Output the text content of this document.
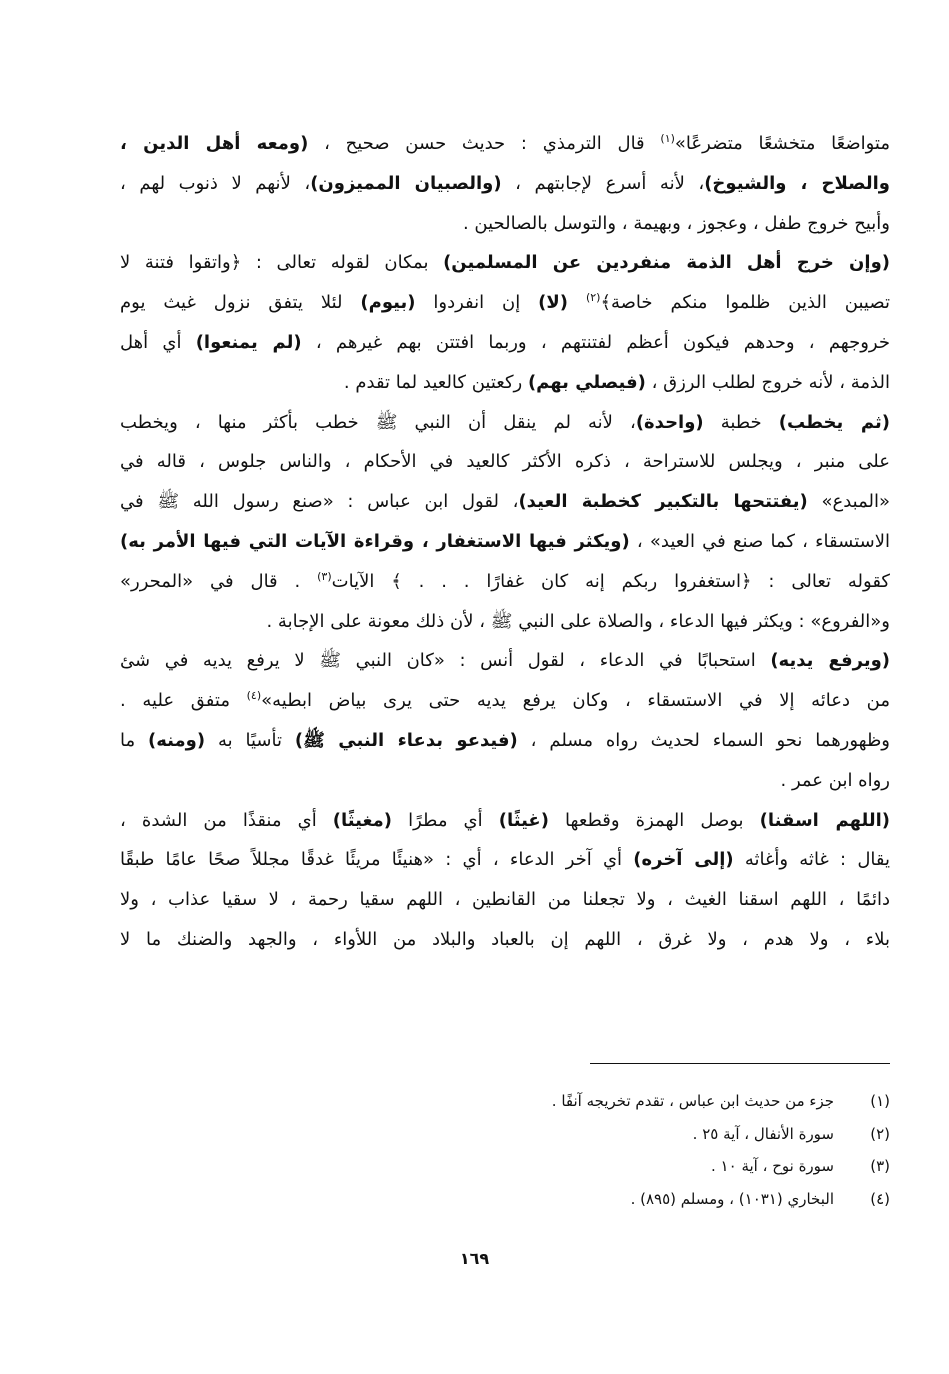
متواضعًا متخشعًا متضرعًا»$^{(١)}$ قال الترمذي : حديث حسن صحيح ، (ومعه أهل الدين ،
والصلاح ، والشيوخ)، لأنه أسرع لإجابتهم ، (والصبيان المميزون)، لأنهم لا ذنوب لهم ،
وأبيح خروج طفل ، وعجوز ، وبهيمة ، والتوسل بالصالحين .
(وإن خرج أهل الذمة منفردين عن المسلمين) بمكان لقوله تعالى : ﴿واتقوا فتنة لا
تصيبن الذين ظلموا منكم خاصة﴾$^{(٢)}$ (لا) إن انفردوا (بيوم) لئلا يتفق نزول غيث يوم
خروجهم ، وحدهم فيكون أعظم لفتنتهم ، وربما افتتن بهم غيرهم ، (لم يمنعوا) أي أهل
الذمة ، لأنه خروج لطلب الرزق ، (فيصلي بهم) ركعتين كالعيد لما تقدم .
(ثم يخطب) خطبة (واحدة)، لأنه لم ينقل أن النبي ﷺ خطب بأكثر منها ، ويخطب
على منبر ، ويجلس للاستراحة ، ذكره الأكثر كالعيد في الأحكام ، والناس جلوس ، قاله في
«المبدع» (يفتتحها بالتكبير كخطبة العيد)، لقول ابن عباس : «صنع رسول الله ﷺ في
الاستسقاء ، كما صنع في العيد» ، (ويكثر فيها الاستغفار ، وقراءة الآيات التي فيها الأمر به)
كقوله تعالى : ﴿استغفروا ربكم إنه كان غفارًا . . . ﴾ الآيات$^{(٣)}$ . قال في «المحرر»
و«الفروع» : ويكثر فيها الدعاء ، والصلاة على النبي ﷺ ، لأن ذلك معونة على الإجابة .
(ويرفع يديه) استحبابًا في الدعاء ، لقول أنس : «كان النبي ﷺ لا يرفع يديه في شئ
من دعائه إلا في الاستسقاء ، وكان يرفع يديه حتى يرى بياض ابطيه»$^{(٤)}$ متفق عليه .
وظهورهما نحو السماء لحديث رواه مسلم ، (فيدعو بدعاء النبي ﷺ) تأسيًا به (ومنه) ما
رواه ابن عمر .
(اللهم اسقنا) بوصل الهمزة وقطعها (غيثًا) أي مطرًا (مغيثًا) أي منقذًا من الشدة ،
يقال : غاثه وأغاثه (إلى آخره) أي آخر الدعاء ، أي : «هنيئًا مريئًا غدقًا مجللاً صحًا عامًا طبقًا
دائمًا ، اللهم اسقنا الغيث ، ولا تجعلنا من القانطين ، اللهم سقيا رحمة ، لا سقيا عذاب ، ولا
بلاء ، ولا هدم ، ولا غرق ، اللهم إن بالعباد والبلاد من اللأواء ، والجهد والضنك ما لا
(١)جزء من حديث ابن عباس ، تقدم تخريجه آنفًا .
(٢)سورة الأنفال ، آية ٢٥ .
(٣)سورة نوح ، آية ١٠ .
(٤)البخاري (١٠٣١) ، ومسلم (٨٩٥) .
١٦٩
